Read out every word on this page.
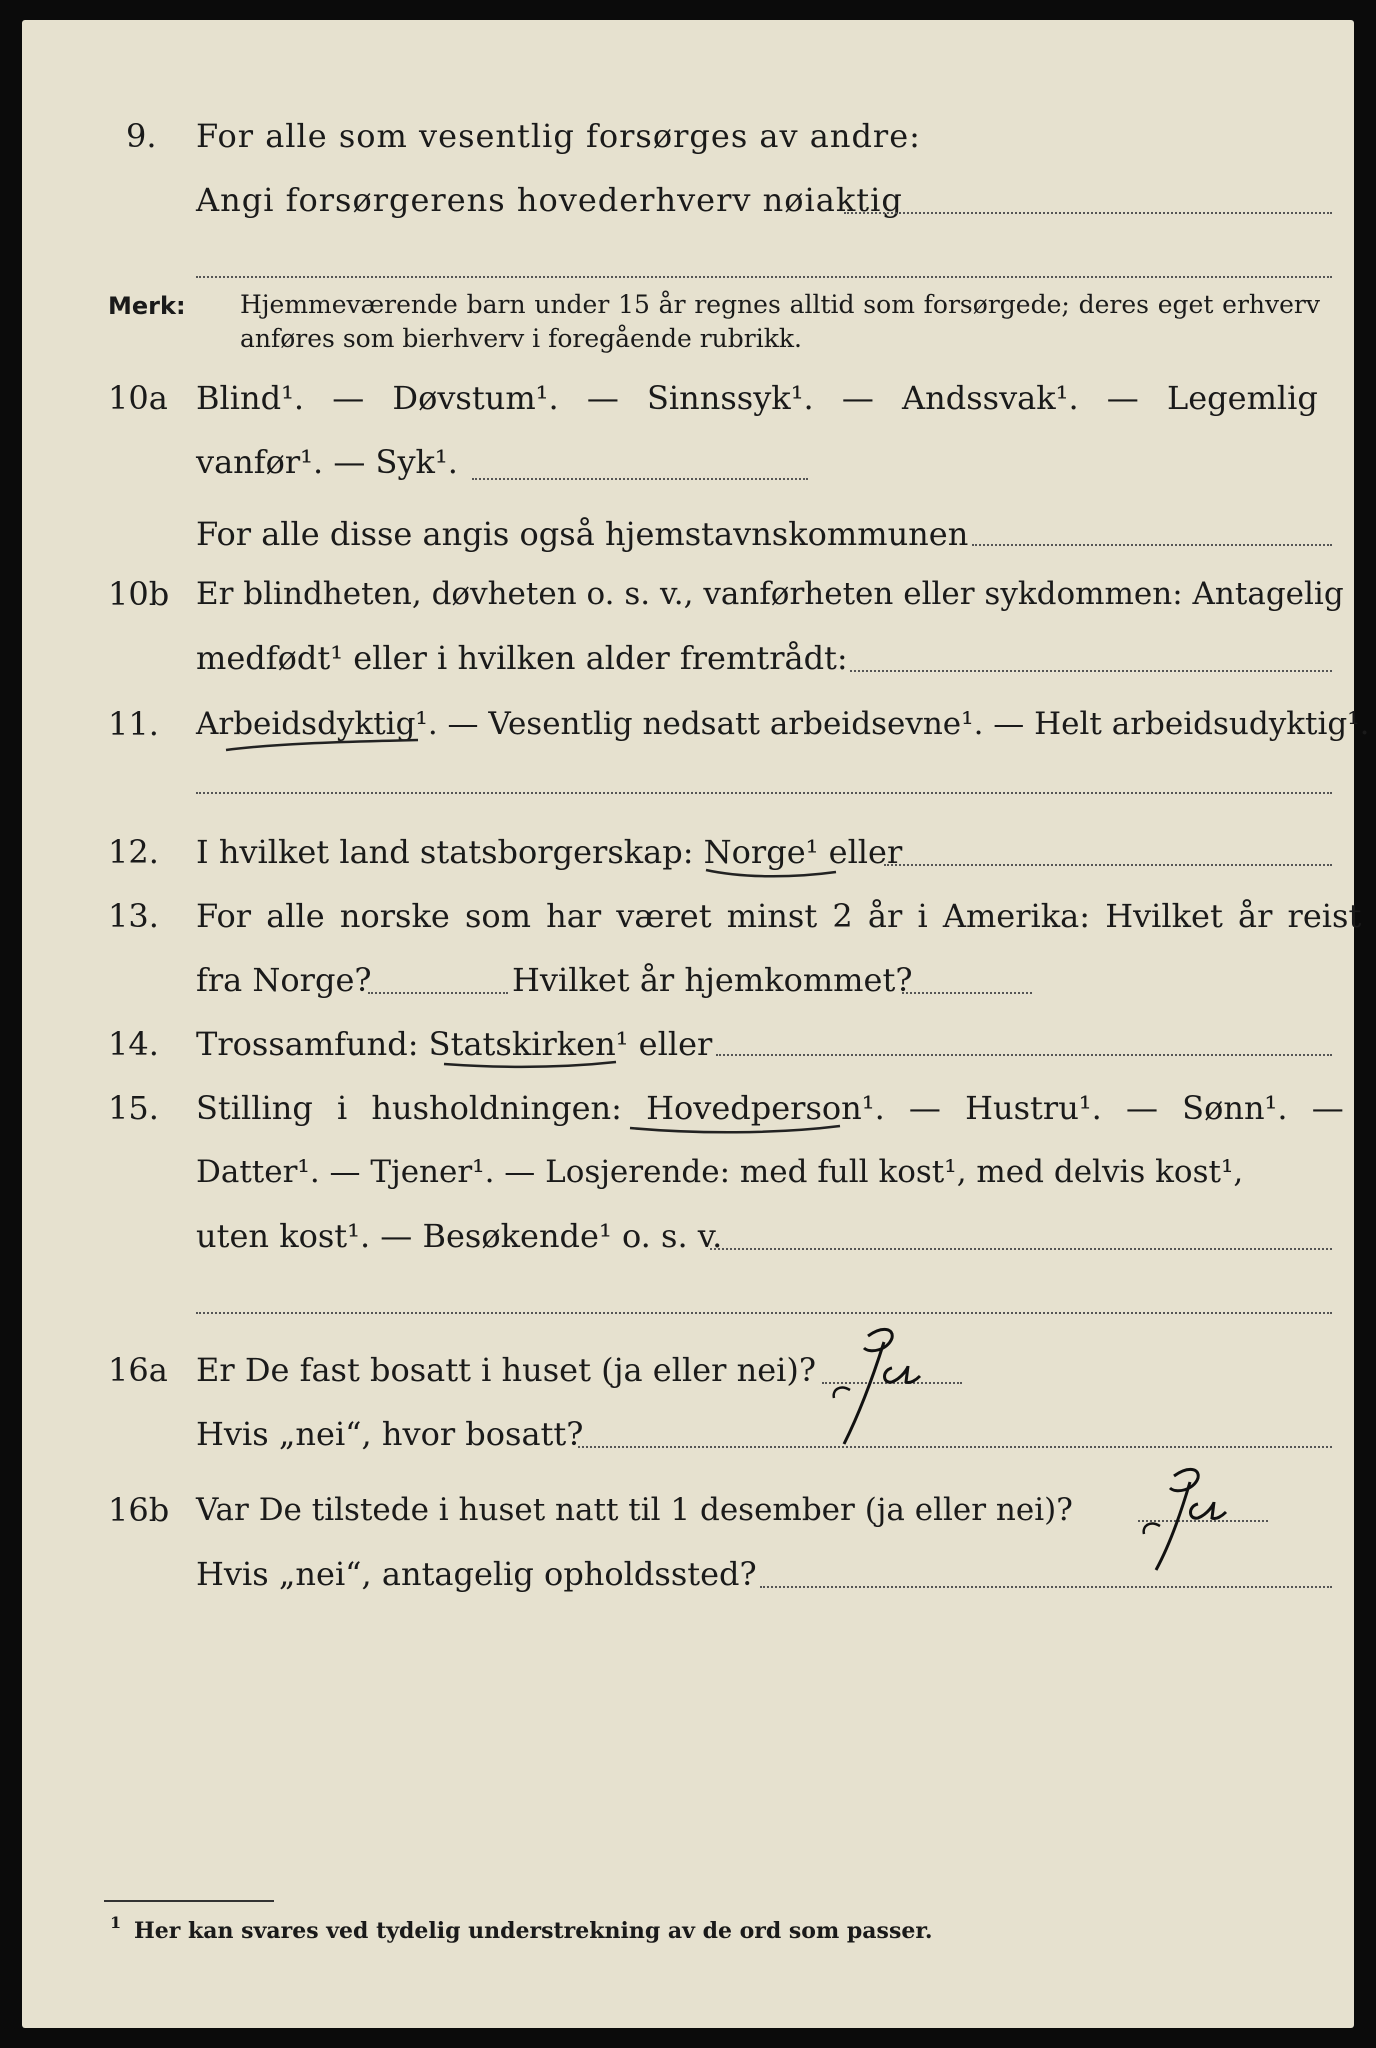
9. For alle som vesentlig forsørges av andre:
Angi forsørgerens hovederhverv nøiaktig
Merk: Hjemmeværende barn under 15 år regnes alltid som forsørgede; deres eget erhverv anføres som bierhverv i foregående rubrikk.
10a Blind¹. — Døvstum¹. — Sinnssyk¹. — Andssvak¹. — Legemlig
vanfør¹. — Syk¹.
For alle disse angis også hjemstavnskommunen
10b Er blindheten, døvheten o. s. v., vanførheten eller sykdommen: Antagelig
medfødt¹ eller i hvilken alder fremtrådt:
11. Arbeidsdyktig¹. — Vesentlig nedsatt arbeidsevne¹. — Helt arbeidsudyktig¹.
12. I hvilket land statsborgerskap: Norge¹ eller
13. For alle norske som har været minst 2 år i Amerika: Hvilket år reist
fra Norge?	Hvilket år hjemkommet?
14. Trossamfund: Statskirken¹ eller
15. Stilling i husholdningen: Hovedperson¹. — Hustru¹. — Sønn¹. —
Datter¹. — Tjener¹. — Losjerende: med full kost¹, med delvis kost¹,
uten kost¹. — Besøkende¹ o. s. v.
16a Er De fast bosatt i huset (ja eller nei)?
Hvis „nei“, hvor bosatt?
16b Var De tilstede i huset natt til 1 desember (ja eller nei)?
Hvis „nei“, antagelig opholdssted?
1 Her kan svares ved tydelig understrekning av de ord som passer.
